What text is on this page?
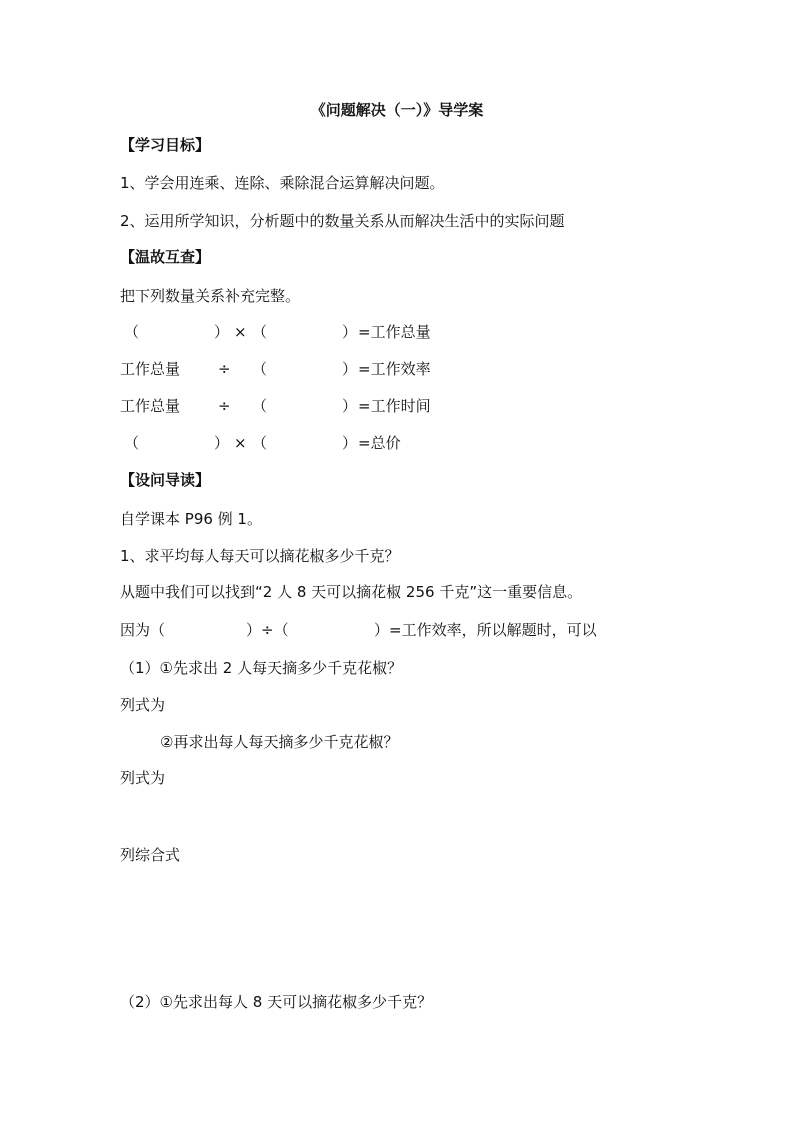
《问题解决（一）》导学案
【学习目标】
1、学会用连乘、连除、乘除混合运算解决问题。
2、运用所学知识，分析题中的数量关系从而解决生活中的实际问题
【温故互查】
把下列数量关系补充完整。
（	） × （	） =工作总量
工作总量	÷ （	） =工作效率
工作总量	÷ （	） =工作时间
（	） × （	） =总价
【设问导读】
自学课本 P96 例 1。
1、求平均每人每天可以摘花椒多少千克？
从题中我们可以找到“2 人 8 天可以摘花椒 256 千克”这一重要信息。
因为（	）÷（	）=工作效率，所以解题时，可以
（1）①先求出 2 人每天摘多少千克花椒？
列式为
②再求出每人每天摘多少千克花椒？
列式为
列综合式
（2）①先求出每人 8 天可以摘花椒多少千克？
